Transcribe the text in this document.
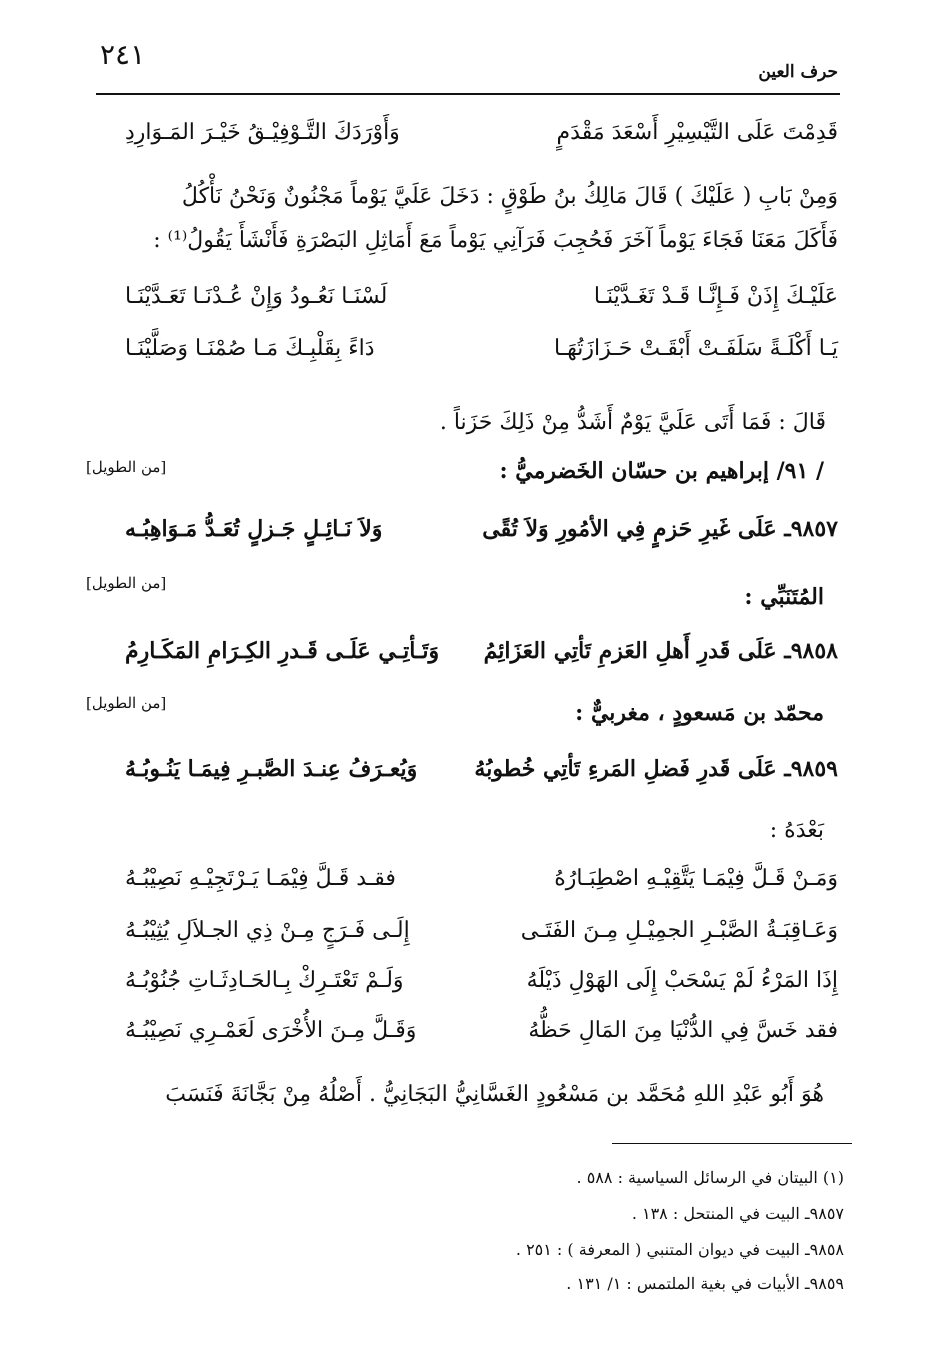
٢٤١
حرف العين
قَدِمْتَ عَلَى التَّيْسِيْرِ أَسْعَدَ مَقْدَمٍ
وَأَوْرَدَكَ التَّـوْفِيْـقُ خَيْـرَ المَـوَارِدِ
وَمِنْ بَابِ ( عَلَيْكَ ) قَالَ مَالِكُ بنُ طَوْقٍ : دَخَلَ عَلَيَّ يَوْماً مَجْنُونٌ وَنَحْنُ نَأْكُلُ
فَأَكَلَ مَعَنَا فَجَاءَ يَوْماً آخَرَ فَحُجِبَ فَرَآنِي يَوْماً مَعَ أَمَاثِلِ البَصْرَةِ فَأَنْشَأَ يَقُولُ⁽¹⁾ :
عَلَيْـكَ إِذَنْ فَـإِنَّـا قَـدْ تَغَـدَّيْنَـا
لَسْنَـا نَعُـودُ وَإِنْ عُـدْنَـا تَعَـدَّيْنَـا
يَـا أَكْلَـةً سَلَفَـتْ أَبْقَـتْ حَـزَازَتُهَـا
دَاءً بِقَلْبِـكَ مَـا صُمْنَـا وَصَلَّيْنَـا
قَالَ : فَمَا أَتَى عَلَيَّ يَوْمٌ أَشَدُّ مِنْ ذَلِكَ حَزَناً .
/ ٩١/ إبراهيم بن حسّان الخَضرميُّ :
[من الطويل]
٩٨٥٧ـ عَلَى غَيرِ حَزمٍ فِي الأمُورِ وَلاَ تُقًى
وَلاَ نَـائِـلٍ جَـزلٍ تُعَـدُّ مَـوَاهِبُـه
المُتَنَبِّي :
[من الطويل]
٩٨٥٨ـ عَلَى قَدرِ أَهلِ العَزمِ تَأتِي العَزَائِمُ
وَتَـأتِـي عَلَـى قَـدرِ الكِـرَامِ المَكَـارِمُ
محمّد بن مَسعودٍ ، مغربيٌّ :
[من الطويل]
٩٨٥٩ـ عَلَى قَدرِ فَضلِ المَرءِ تَأتِي خُطوبُهُ
وَيُعـرَفُ عِنـدَ الصَّبـرِ فِيمَـا يَنُـوبُـهُ
بَعْدَهُ :
وَمَـنْ قَـلَّ فِيْمَـا يَتَّقِيْـهِ اصْطِبَـارُهُ
فقـد قَـلَّ فِيْمَـا يَـرْتَجِيْـهِ نَصِيْبُـهُ
وَعَـاقِبَـةُ الصَّبْـرِ الجمِيْـلِ مِـنَ الفَتَـى
إِلَـى فَـرَجٍ مِـنْ ذِي الجـلاَلِ يُثِيْبُـهُ
إِذَا المَرْءُ لَمْ يَسْحَبْ إِلَى الهَوْلِ ذَيْلَهُ
وَلَـمْ تَعْتَـرِكْ بِـالحَـادِثَـاتِ جُنُوْبُـهُ
فقد خَسَّ فِي الدُّنْيَا مِنَ المَالِ حَظُّهُ
وَقَـلَّ مِـنَ الأُخْرَى لَعَمْـرِي نَصِيْبُـهُ
هُوَ أَبُو عَبْدِ اللهِ مُحَمَّد بن مَسْعُودٍ الغَسَّانِيُّ البَجَانِيُّ . أَصْلُهُ مِنْ بَجَّانَةَ فَنَسَبَ
(١) البيتان في الرسائل السياسية : ٥٨٨ .
٩٨٥٧ـ البيت في المنتحل : ١٣٨ .
٩٨٥٨ـ البيت في ديوان المتنبي ( المعرفة ) : ٢٥١ .
٩٨٥٩ـ الأبيات في بغية الملتمس : ١/ ١٣١ .
